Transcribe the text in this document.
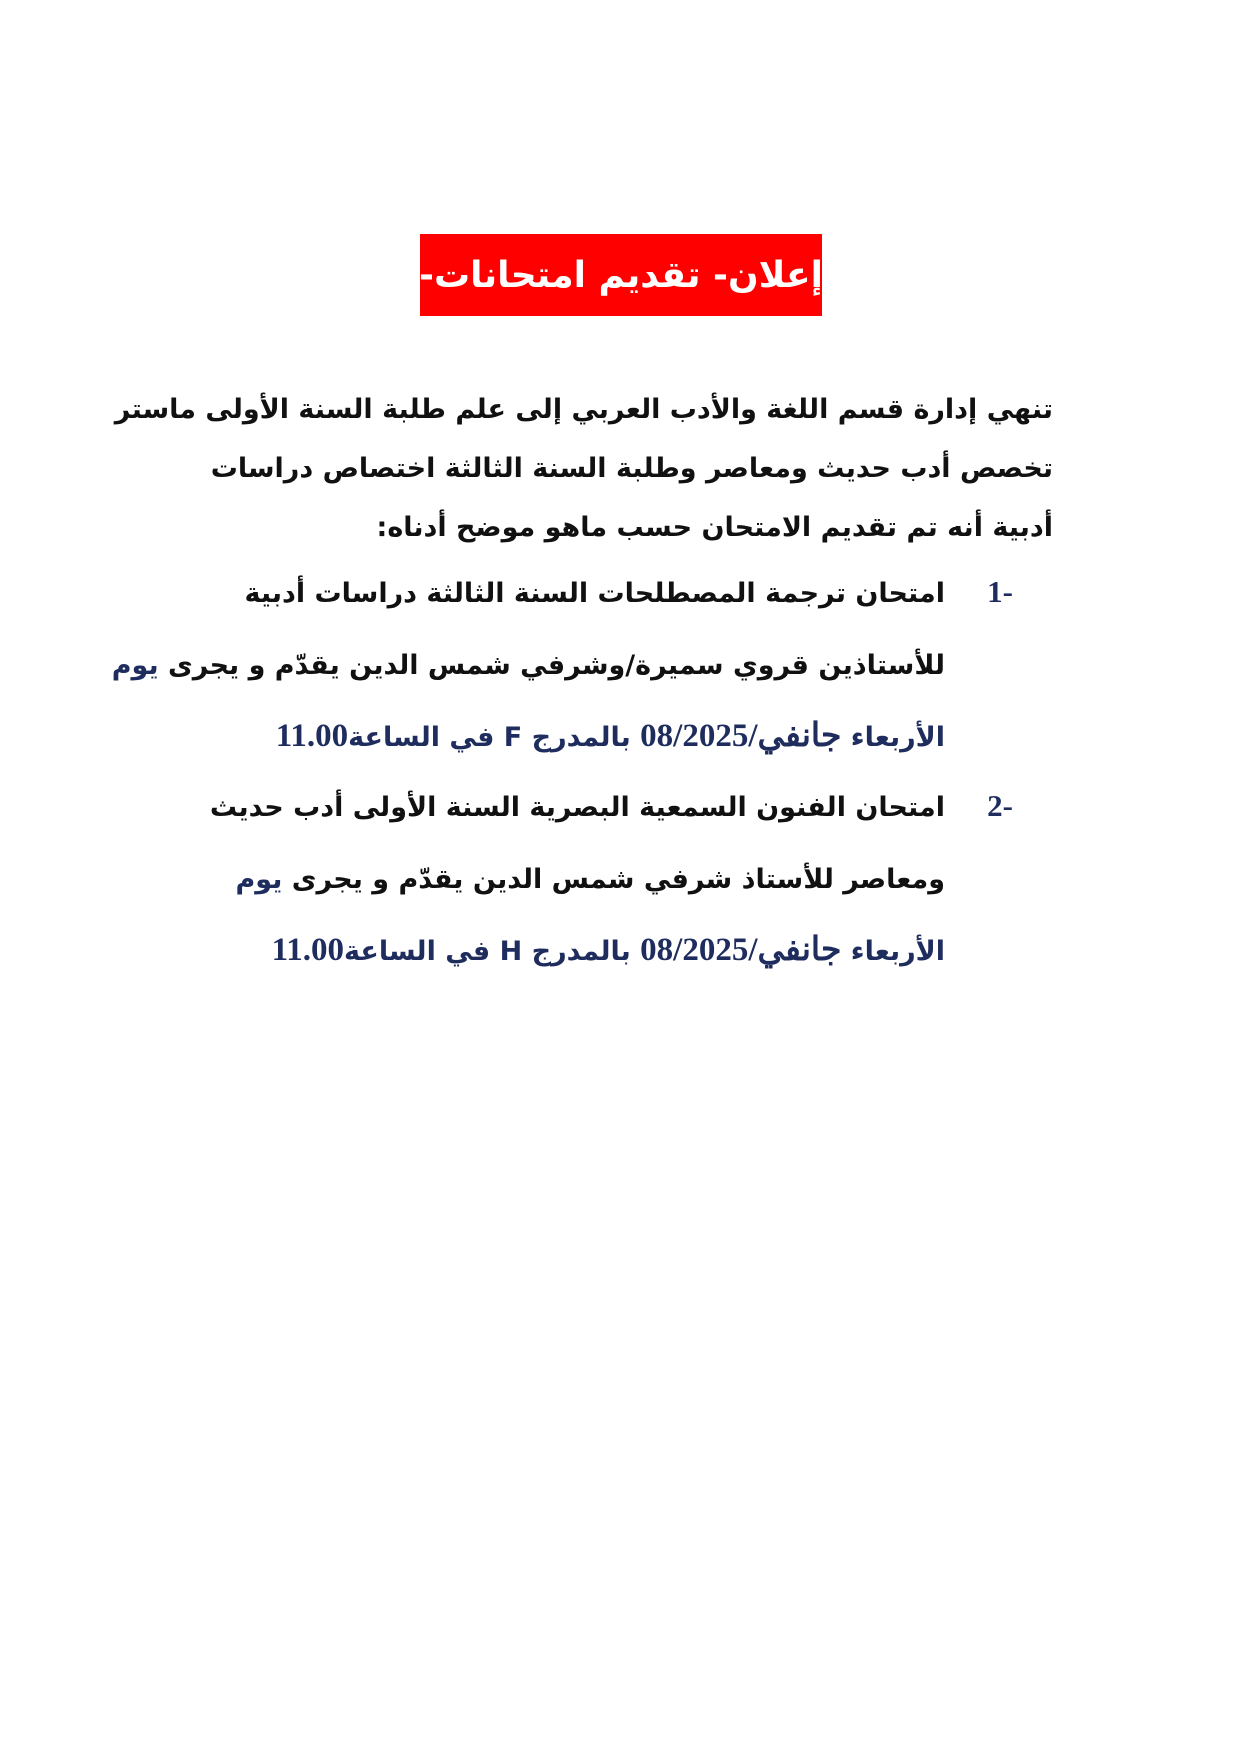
إعلان- تقديم امتحانات-
تنهي إدارة قسم اللغة والأدب العربي إلى علم طلبة السنة الأولى ماستر
تخصص أدب حديث ومعاصر وطلبة السنة الثالثة اختصاص دراسات
أدبية أنه تم تقديم الامتحان حسب ماهو موضح أدناه:
1-
امتحان ترجمة المصطلحات السنة الثالثة دراسات أدبية
للأستاذين قروي سميرة/وشرفي شمس الدين يقدّم و يجرى يوم
الأربعاء 08/جانفي/2025 بالمدرج F في الساعة11.00
2-
امتحان الفنون السمعية البصرية السنة الأولى أدب حديث
ومعاصر للأستاذ شرفي شمس الدين يقدّم و يجرى يوم
الأربعاء 08/جانفي/2025 بالمدرج H في الساعة11.00
